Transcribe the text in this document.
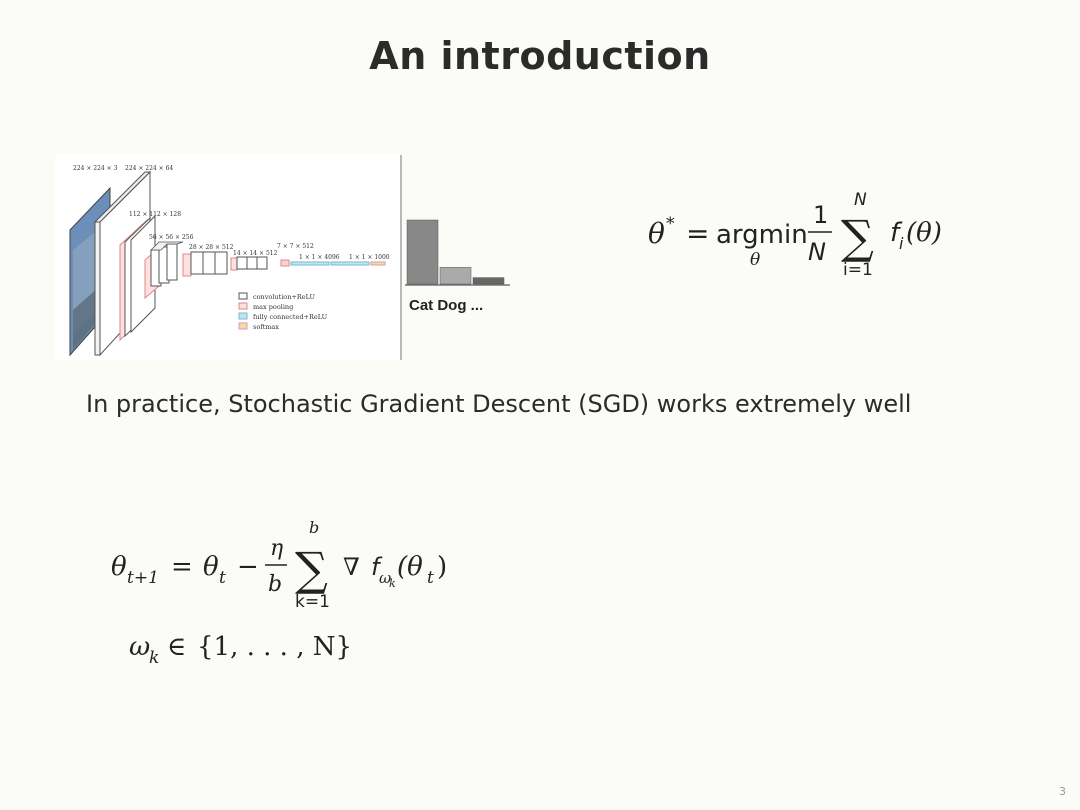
An introduction
224 × 224 × 3 224 × 224 × 64
112 × 112 × 128
56 × 56 × 256
28 × 28 × 512
14 × 14 × 512
7 × 7 × 512
1 × 1 × 4096 1 × 1 × 1000
convolution+ReLU
max pooling
fully connected+ReLU
softmax
Cat Dog ...
θ * = argmin
θ
1
N
N
∑
i=1
f i (θ)
In practice, Stochastic Gradient Descent (SGD) works extremely well
θ t+1 = θ t −
η
b
b
∑
k=1
∇ f ω
k
(θ t )
ω
k ∈ {1, . . . , N}
3
